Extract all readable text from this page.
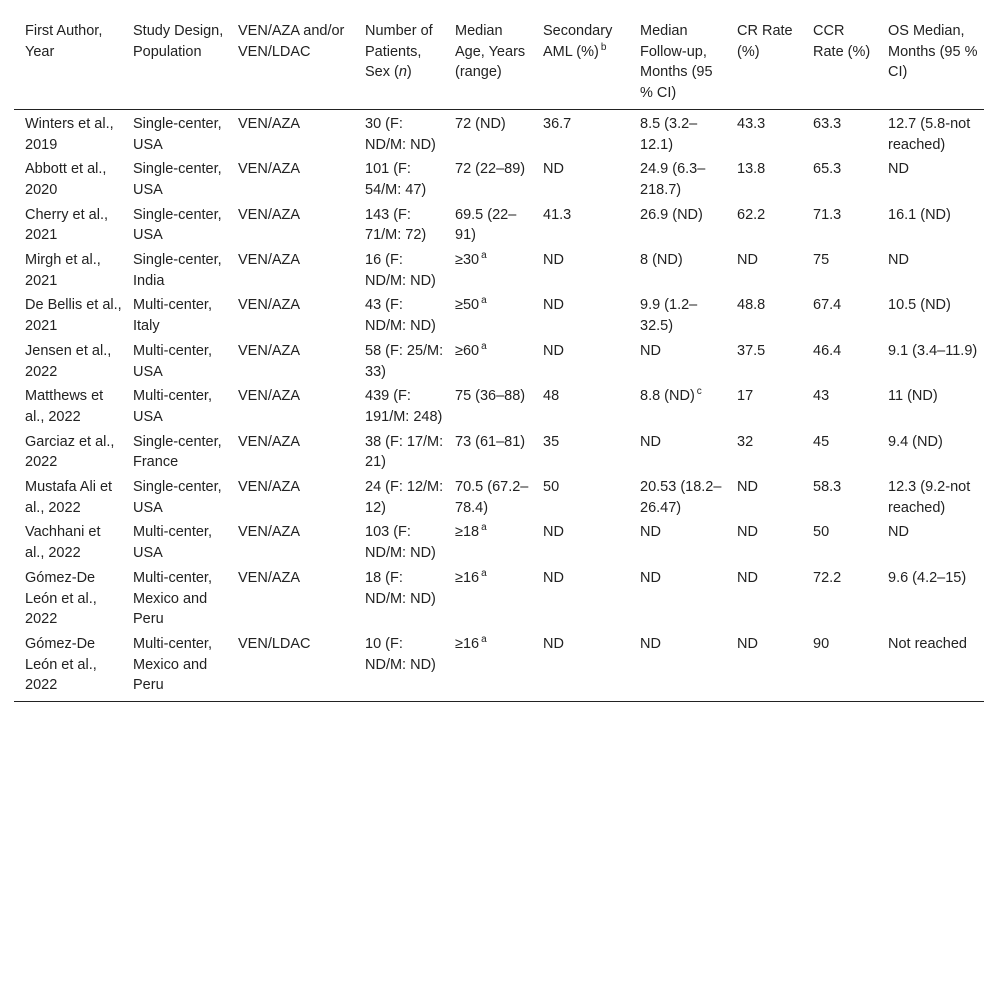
First Author, Year	Study Design, Population	VEN/AZA and/or VEN/LDAC	Number of Patients, Sex (n)	Median Age, Years (range)	Secondary AML (%) $^b$	Median Follow-up, Months (95 % CI)	CR Rate (%)	CCR Rate (%)	OS Median, Months (95 % CI)
Winters et al., 2019	Single-center, USA	VEN/AZA	30 (F: ND/M: ND)	72 (ND)	36.7	8.5 (3.2–12.1)	43.3	63.3	12.7 (5.8-not reached)
Abbott et al., 2020	Single-center, USA	VEN/AZA	101 (F: 54/M: 47)	72 (22–89)	ND	24.9 (6.3–218.7)	13.8	65.3	ND
Cherry et al., 2021	Single-center, USA	VEN/AZA	143 (F: 71/M: 72)	69.5 (22–91)	41.3	26.9 (ND)	62.2	71.3	16.1 (ND)
Mirgh et al., 2021	Single-center, India	VEN/AZA	16 (F: ND/M: ND)	≥30 $^a$	ND	8 (ND)	ND	75	ND
De Bellis et al., 2021	Multi-center, Italy	VEN/AZA	43 (F: ND/M: ND)	≥50 $^a$	ND	9.9 (1.2–32.5)	48.8	67.4	10.5 (ND)
Jensen et al., 2022	Multi-center, USA	VEN/AZA	58 (F: 25/M: 33)	≥60 $^a$	ND	ND	37.5	46.4	9.1 (3.4–11.9)
Matthews et al., 2022	Multi-center, USA	VEN/AZA	439 (F: 191/M: 248)	75 (36–88)	48	8.8 (ND) $^c$	17	43	11 (ND)
Garciaz et al., 2022	Single-center, France	VEN/AZA	38 (F: 17/M: 21)	73 (61–81)	35	ND	32	45	9.4 (ND)
Mustafa Ali et al., 2022	Single-center, USA	VEN/AZA	24 (F: 12/M: 12)	70.5 (67.2–78.4)	50	20.53 (18.2–26.47)	ND	58.3	12.3 (9.2-not reached)
Vachhani et al., 2022	Multi-center, USA	VEN/AZA	103 (F: ND/M: ND)	≥18 $^a$	ND	ND	ND	50	ND
Gómez-De León et al., 2022	Multi-center, Mexico and Peru	VEN/AZA	18 (F: ND/M: ND)	≥16 $^a$	ND	ND	ND	72.2	9.6 (4.2–15)
Gómez-De León et al., 2022	Multi-center, Mexico and Peru	VEN/LDAC	10 (F: ND/M: ND)	≥16 $^a$	ND	ND	ND	90	Not reached
